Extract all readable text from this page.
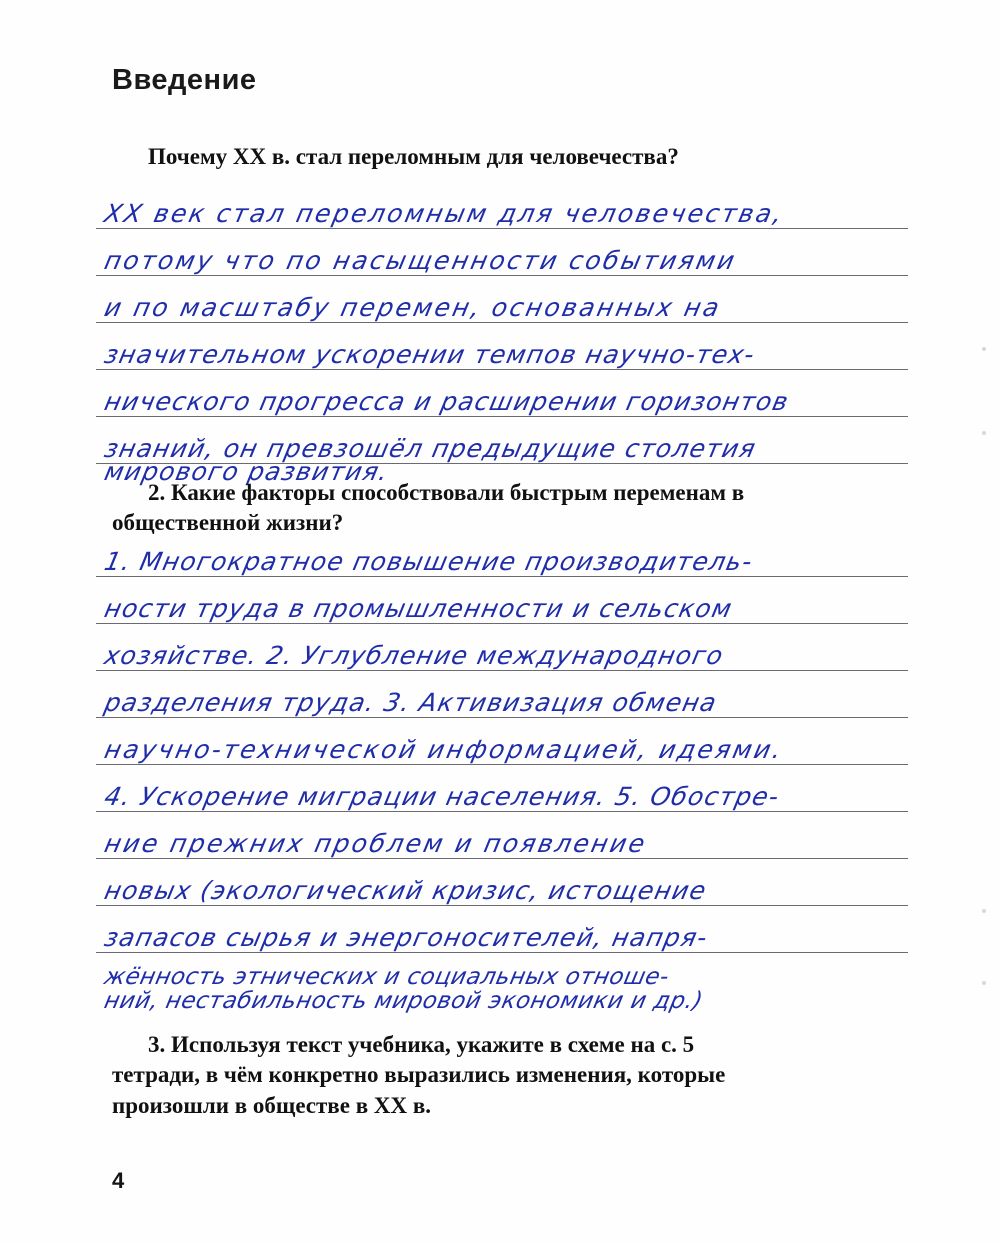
Введение
Почему XX в. стал переломным для человечества?
XX век стал переломным для человечества,
потому что по насыщенности событиями
и по масштабу перемен, основанных на
значительном ускорении темпов научно-тех-
нического прогресса и расширении горизонтов
знаний, он превзошёл предыдущие столетия
мирового развития.
2. Какие факторы способствовали быстрым переменам в
общественной жизни?
1. Многократное повышение производитель-
ности труда в промышленности и сельском
хозяйстве. 2. Углубление международного
разделения труда. 3. Активизация обмена
научно-технической информацией, идеями.
4. Ускорение миграции населения. 5. Обостре-
ние прежних проблем и появление
новых (экологический кризис, истощение
запасов сырья и энергоносителей, напря-
жённость этнических и социальных отноше-
ний, нестабильность мировой экономики и др.)
3. Используя текст учебника, укажите в схеме на с. 5
тетради, в чём конкретно выразились изменения, которые
произошли в обществе в XX в.
4
